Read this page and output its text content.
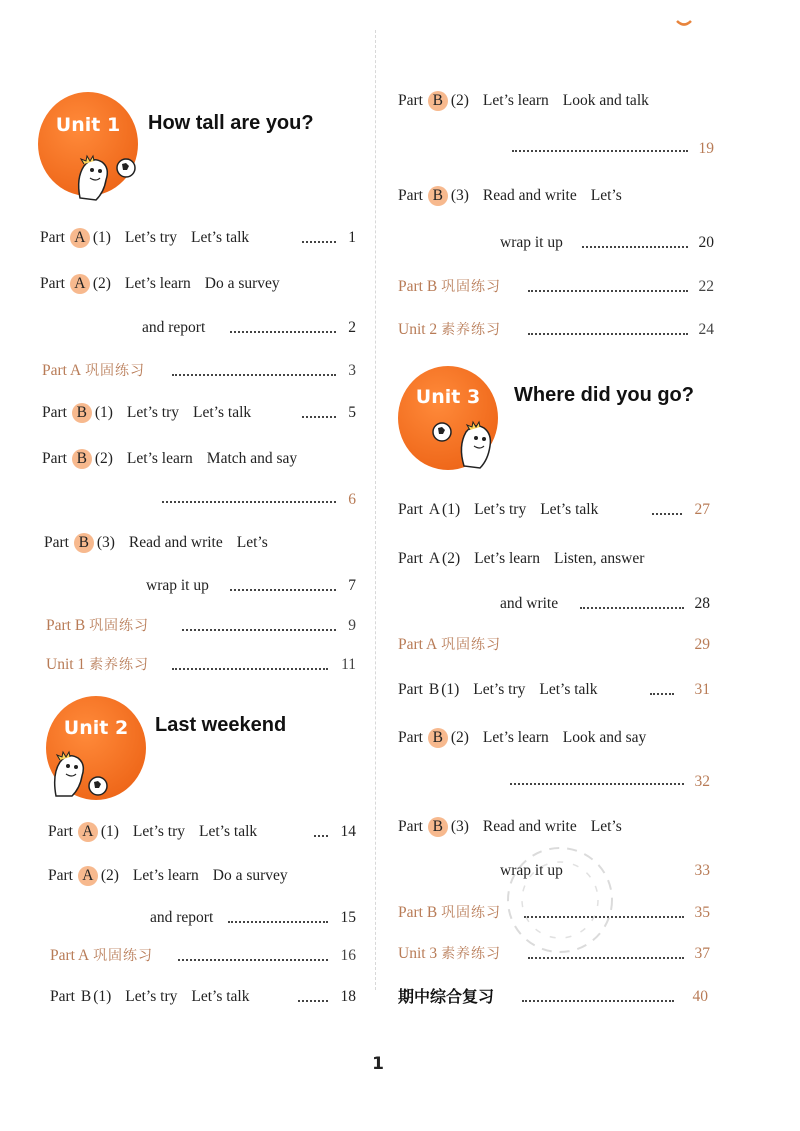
Unit 1	How tall are you?
Unit 2	Last weekend
Unit 3	Where did you go?
Part A (1) Let’s try Let’s talk	1
Part A (2) Let’s learn Do a survey
and report	2
Part A 巩固练习	3
Part B (1) Let’s try Let’s talk	5
Part B (2) Let’s learn Match and say
6
Part B (3) Read and write Let’s
wrap it up	7
Part B 巩固练习	9
Unit 1 素养练习	11
Part A (1) Let’s try Let’s talk	14
Part A (2) Let’s learn Do a survey
and report	15
Part A 巩固练习	16
Part B (1) Let’s try Let’s talk	18
Part B (2) Let’s learn Look and talk
19
Part B (3) Read and write Let’s
wrap it up	20
Part B 巩固练习	22
Unit 2 素养练习	24
Part A (1) Let’s try Let’s talk	27
Part A (2) Let’s learn Listen, answer
and write	28
Part A 巩固练习	29
Part B (1) Let’s try Let’s talk	31
Part B (2) Let’s learn Look and say
32
Part B (3) Read and write Let’s
wrap it up	33
Part B 巩固练习	35
Unit 3 素养练习	37
期中综合复习	40
1
